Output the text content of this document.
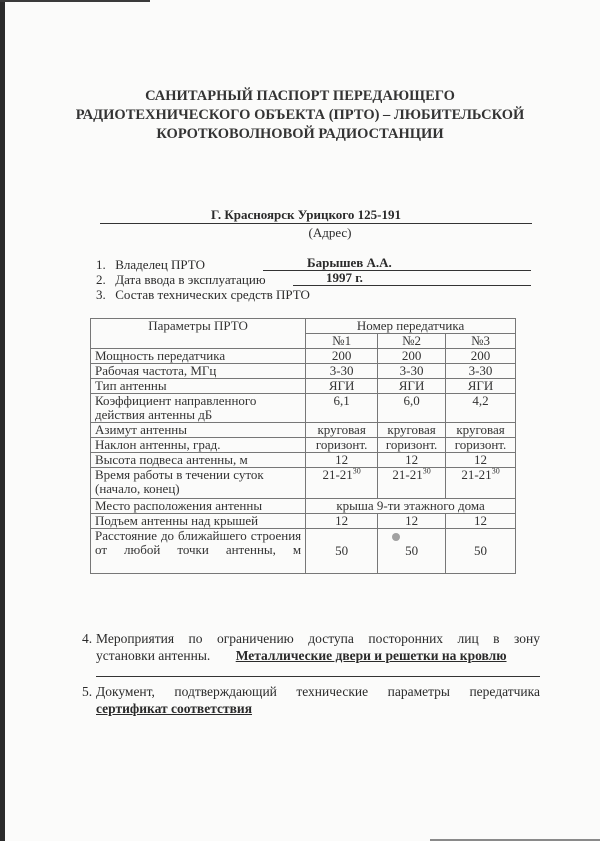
САНИТАРНЫЙ ПАСПОРТ ПЕРЕДАЮЩЕГО
РАДИОТЕХНИЧЕСКОГО ОБЪЕКТА (ПРТО) – ЛЮБИТЕЛЬСКОЙ
КОРОТКОВОЛНОВОЙ РАДИОСТАНЦИИ
Г. Красноярск Урицкого 125-191
(Адрес)
1. Владелец ПРТО	Барышев А.А.
2. Дата ввода в эксплуатацию	1997 г.
3. Состав технических средств ПРТО
Параметры ПРТО	Номер передатчика		
	№1	№2	№3
Мощность передатчика	200	200	200
Рабочая частота, МГц	3-30	3-30	3-30
Тип антенны	ЯГИ	ЯГИ	ЯГИ
Коэффициент направленного действия антенны дБ	6,1	6,0	4,2
Азимут антенны	круговая	круговая	круговая
Наклон антенны, град.	горизонт.	горизонт.	горизонт.
Высота подвеса антенны, м	12	12	12
Время работы в течении суток (начало, конец)	$21-21^{30}$	$21-21^{30}$	$21-21^{30}$
Место расположения антенны	крыша 9-ти этажного дома		
Подъем антенны над крышей	12	12	12
Расстояние до ближайшего строения от любой точки антенны, м	50	50	50
4. Мероприятия по ограничению доступа посторонних лиц в зону
установки антенны. Металлические двери и решетки на кровлю
5. Документ, подтверждающий технические параметры передатчика
сертификат соответствия
